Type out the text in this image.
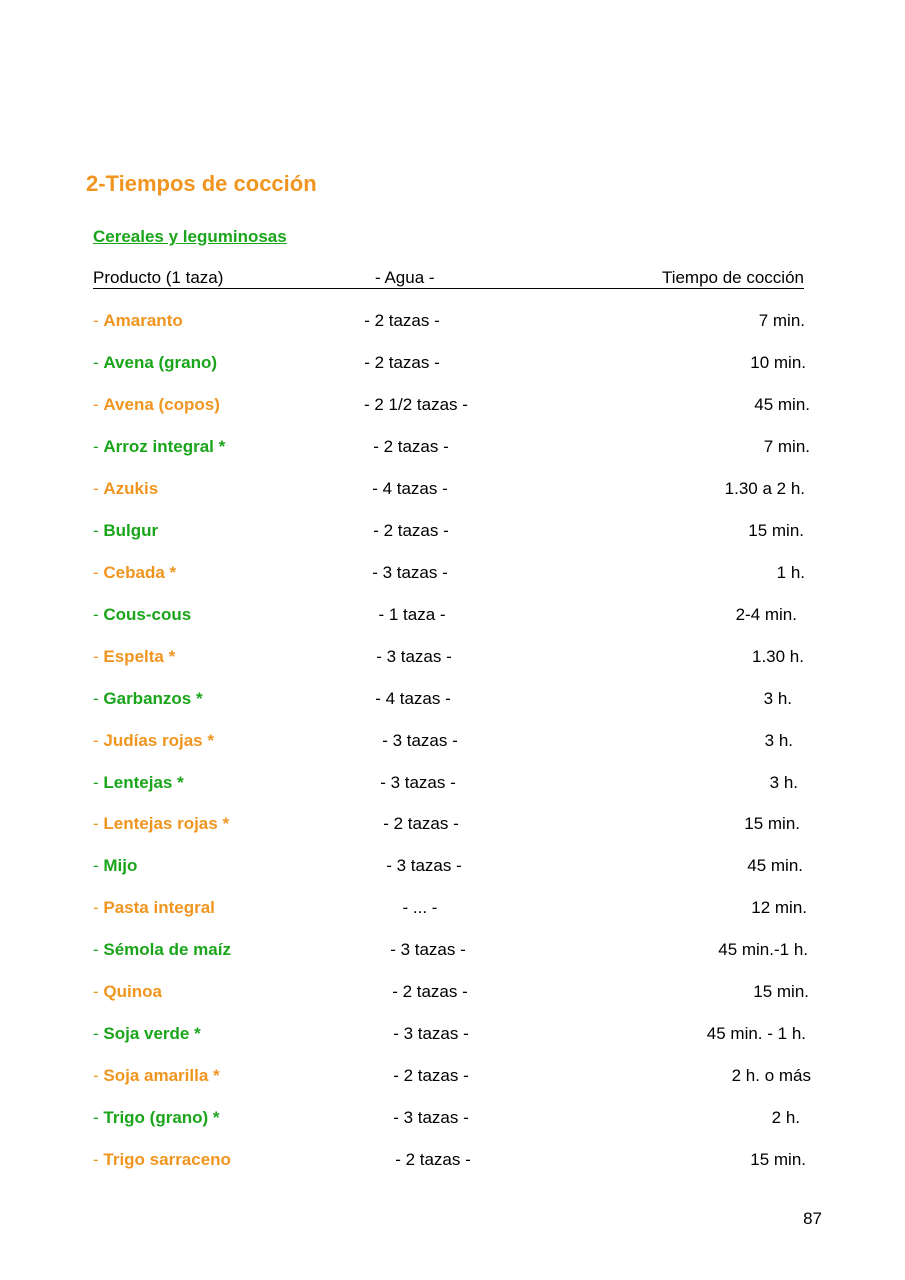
2-Tiempos de cocción
Cereales y leguminosas
Producto (1 taza)	- Agua -	Tiempo de cocción
- Amaranto	- 2 tazas -	7 min.
- Avena (grano)	- 2 tazas -	10 min.
- Avena (copos)	- 2 1/2 tazas -	45 min.
- Arroz integral *	- 2 tazas -	7 min.
- Azukis	- 4 tazas -	1.30 a 2 h.
- Bulgur	- 2 tazas -	15 min.
- Cebada *	- 3 tazas -	1 h.
- Cous-cous	- 1 taza -	2-4 min.
- Espelta *	- 3 tazas -	1.30 h.
- Garbanzos *	- 4 tazas -	3 h.
- Judías rojas *	- 3 tazas -	3 h.
- Lentejas *	- 3 tazas -	3 h.
- Lentejas rojas *	- 2 tazas -	15 min.
- Mijo	- 3 tazas -	45 min.
- Pasta integral	- ... -	12 min.
- Sémola de maíz	- 3 tazas -	45 min.-1 h.
- Quinoa	- 2 tazas -	15 min.
- Soja verde *	- 3 tazas -	45 min. - 1 h.
- Soja amarilla *	- 2 tazas -	2 h. o más
- Trigo (grano) *	- 3 tazas -	2 h.
- Trigo sarraceno	- 2 tazas -	15 min.
87
